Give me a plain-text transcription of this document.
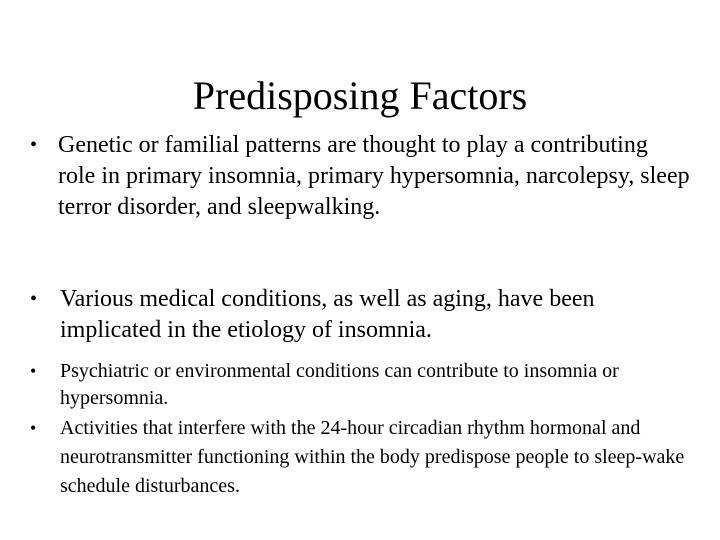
Predisposing Factors
• Genetic or familial patterns are thought to play a contributing role in primary insomnia, primary hypersomnia, narcolepsy, sleep terror disorder, and sleepwalking.
• Various medical conditions, as well as aging, have been implicated in the etiology of insomnia.
•	Psychiatric or environmental conditions can contribute to insomnia or hypersomnia.
•	Activities that interfere with the 24-hour circadian rhythm hormonal and neurotransmitter functioning within the body predispose people to sleep-wake schedule disturbances.
